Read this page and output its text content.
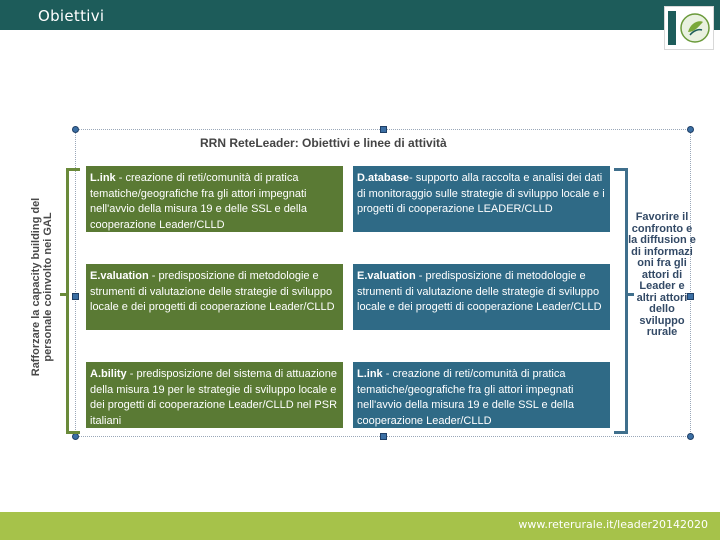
Obiettivi
RRN ReteLeader: Obiettivi e linee di attività
Rafforzare la capacity building del personale coinvolto nei GAL
L.ink - creazione di reti/comunità di pratica tematiche/geografiche fra gli attori impegnati nell'avvio della misura 19 e delle SSL e della cooperazione Leader/CLLD
D.atabase- supporto alla raccolta e analisi dei dati di monitoraggio sulle strategie di sviluppo locale e i progetti di cooperazione LEADER/CLLD
E.valuation - predisposizione di metodologie e strumenti di valutazione delle strategie di sviluppo locale e dei progetti di cooperazione Leader/CLLD
E.valuation - predisposizione di metodologie e strumenti di valutazione delle strategie di sviluppo locale e dei progetti di cooperazione Leader/CLLD
A.bility - predisposizione del sistema di attuazione della misura 19 per le strategie di sviluppo locale e dei progetti di cooperazione Leader/CLLD nel PSR italiani
L.ink - creazione di reti/comunità di pratica tematiche/geografiche fra gli attori impegnati nell'avvio della misura 19 e delle SSL e della cooperazione Leader/CLLD
Favorire il confronto e la diffusion e di informazi oni fra gli attori di Leader e altri attori dello sviluppo rurale
www.reterurale.it/leader20142020
